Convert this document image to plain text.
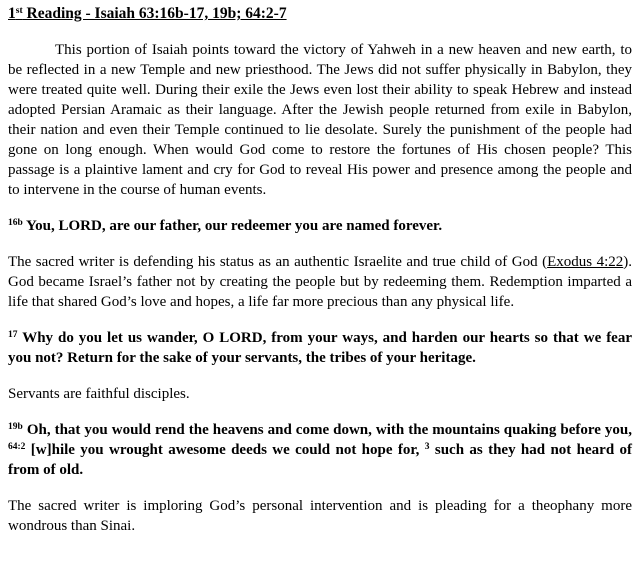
1st Reading - Isaiah 63:16b-17, 19b; 64:2-7

This portion of Isaiah points toward the victory of Yahweh in a new heaven and new earth, to be reflected in a new Temple and new priesthood. The Jews did not suffer physically in Babylon, they were treated quite well. During their exile the Jews even lost their ability to speak Hebrew and instead adopted Persian Aramaic as their language. After the Jewish people returned from exile in Babylon, their nation and even their Temple continued to lie desolate. Surely the punishment of the people had gone on long enough. When would God come to restore the fortunes of His chosen people? This passage is a plaintive lament and cry for God to reveal His power and presence among the people and to intervene in the course of human events.

$^{16b}$ You, LORD, are our father, our redeemer you are named forever.

The sacred writer is defending his status as an authentic Israelite and true child of God (Exodus 4:22). God became Israel’s father not by creating the people but by redeeming them. Redemption imparted a life that shared God’s love and hopes, a life far more precious than any physical life.

$^{17}$ Why do you let us wander, O LORD, from your ways, and harden our hearts so that we fear you not? Return for the sake of your servants, the tribes of your heritage.

Servants are faithful disciples.

$^{19b}$ Oh, that you would rend the heavens and come down, with the mountains quaking before you, $^{64:2}$ [w]hile you wrought awesome deeds we could not hope for, $^3$ such as they had not heard of from of old.

The sacred writer is imploring God’s personal intervention and is pleading for a theophany more wondrous than Sinai.
